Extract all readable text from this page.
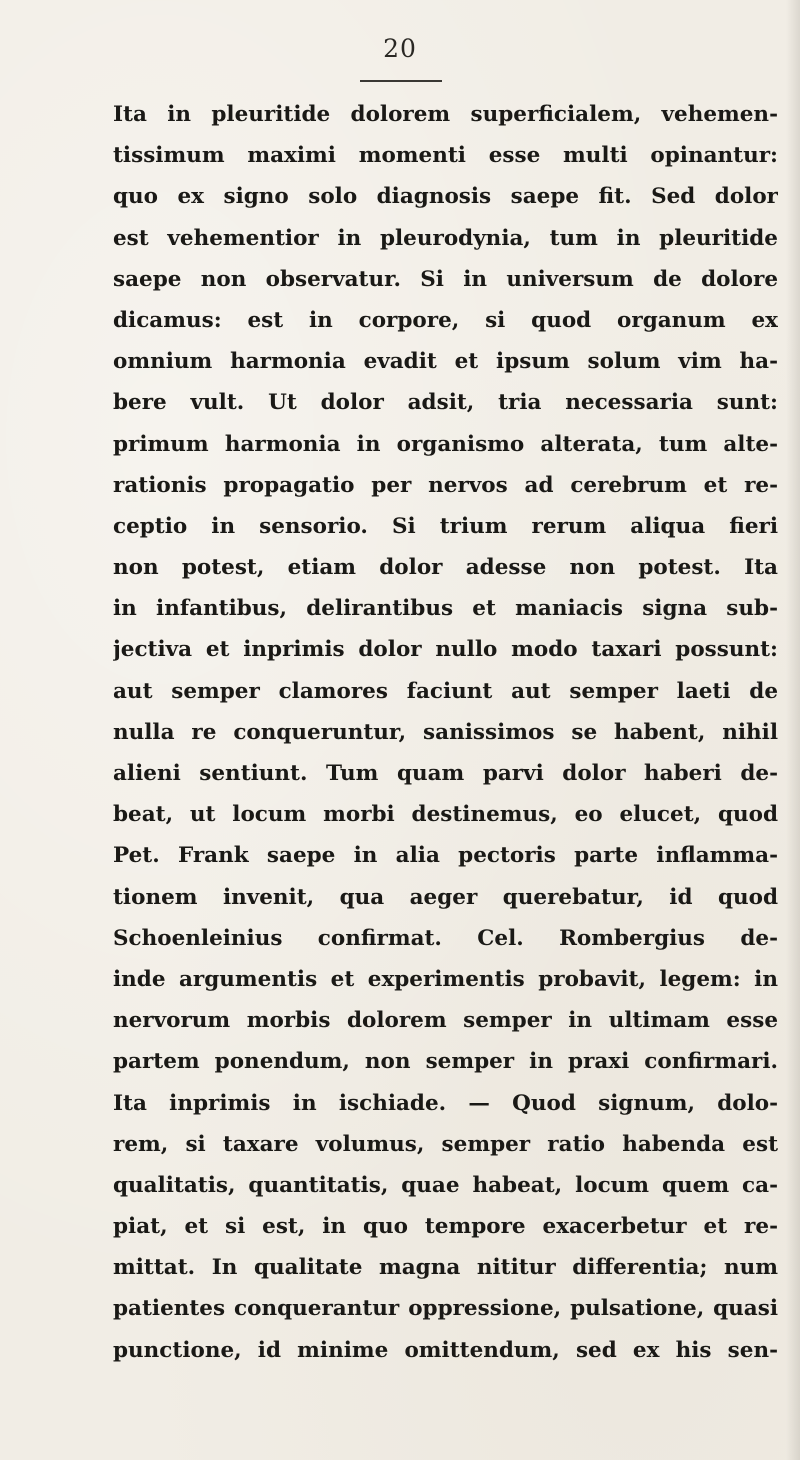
20
Ita in pleuritide dolorem superficialem, vehemen-
tissimum maximi momenti esse multi opinantur:
quo ex signo solo diagnosis saepe fit. Sed dolor
est vehementior in pleurodynia, tum in pleuritide
saepe non observatur. Si in universum de dolore
dicamus: est in corpore, si quod organum ex
omnium harmonia evadit et ipsum solum vim ha-
bere vult. Ut dolor adsit, tria necessaria sunt:
primum harmonia in organismo alterata, tum alte-
rationis propagatio per nervos ad cerebrum et re-
ceptio in sensorio. Si trium rerum aliqua fieri
non potest, etiam dolor adesse non potest. Ita
in infantibus, delirantibus et maniacis signa sub-
jectiva et inprimis dolor nullo modo taxari possunt:
aut semper clamores faciunt aut semper laeti de
nulla re conqueruntur, sanissimos se habent, nihil
alieni sentiunt. Tum quam parvi dolor haberi de-
beat, ut locum morbi destinemus, eo elucet, quod
Pet. Frank saepe in alia pectoris parte inflamma-
tionem invenit, qua aeger querebatur, id quod
Schoenleinius confirmat. Cel. Rombergius de-
inde argumentis et experimentis probavit, legem: in
nervorum morbis dolorem semper in ultimam esse
partem ponendum, non semper in praxi confirmari.
Ita inprimis in ischiade. — Quod signum, dolo-
rem, si taxare volumus, semper ratio habenda est
qualitatis, quantitatis, quae habeat, locum quem ca-
piat, et si est, in quo tempore exacerbetur et re-
mittat. In qualitate magna nititur differentia; num
patientes conquerantur oppressione, pulsatione, quasi
punctione, id minime omittendum, sed ex his sen-
